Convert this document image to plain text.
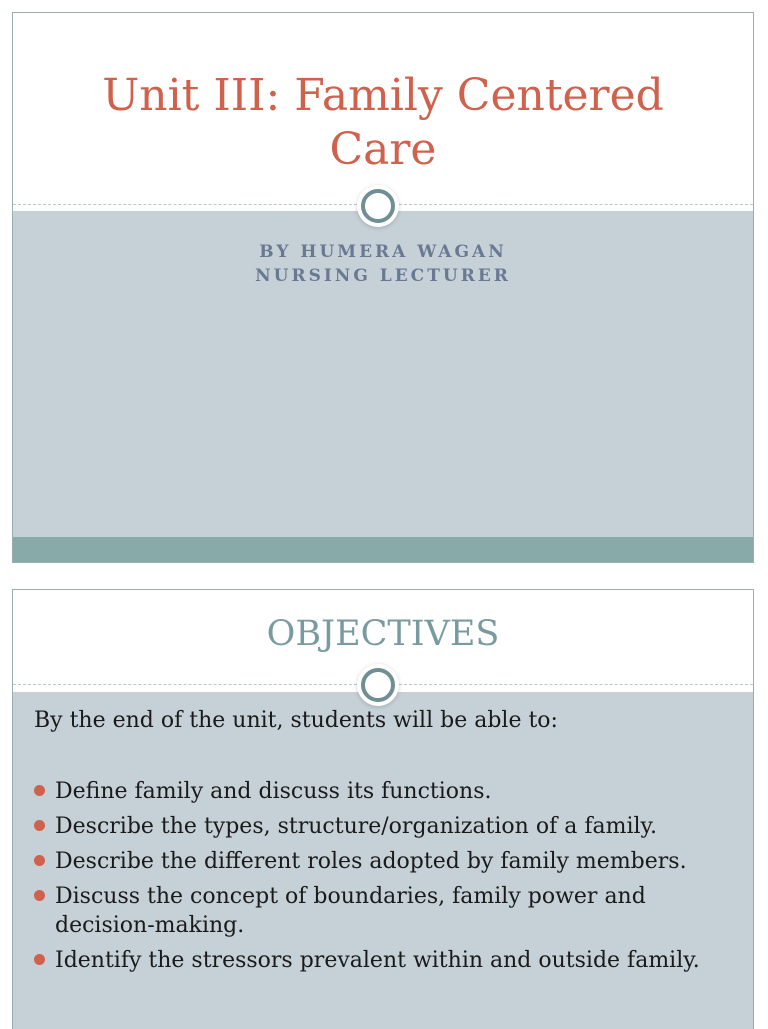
Unit III: Family Centered Care
BY HUMERA WAGAN
NURSING LECTURER
OBJECTIVES

By the end of the unit, students will be able to:

Define family and discuss its functions.
Describe the types, structure/organization of a family.
Describe the different roles adopted by family members.
Discuss the concept of boundaries, family power and decision-making.
Identify the stressors prevalent within and outside family.
